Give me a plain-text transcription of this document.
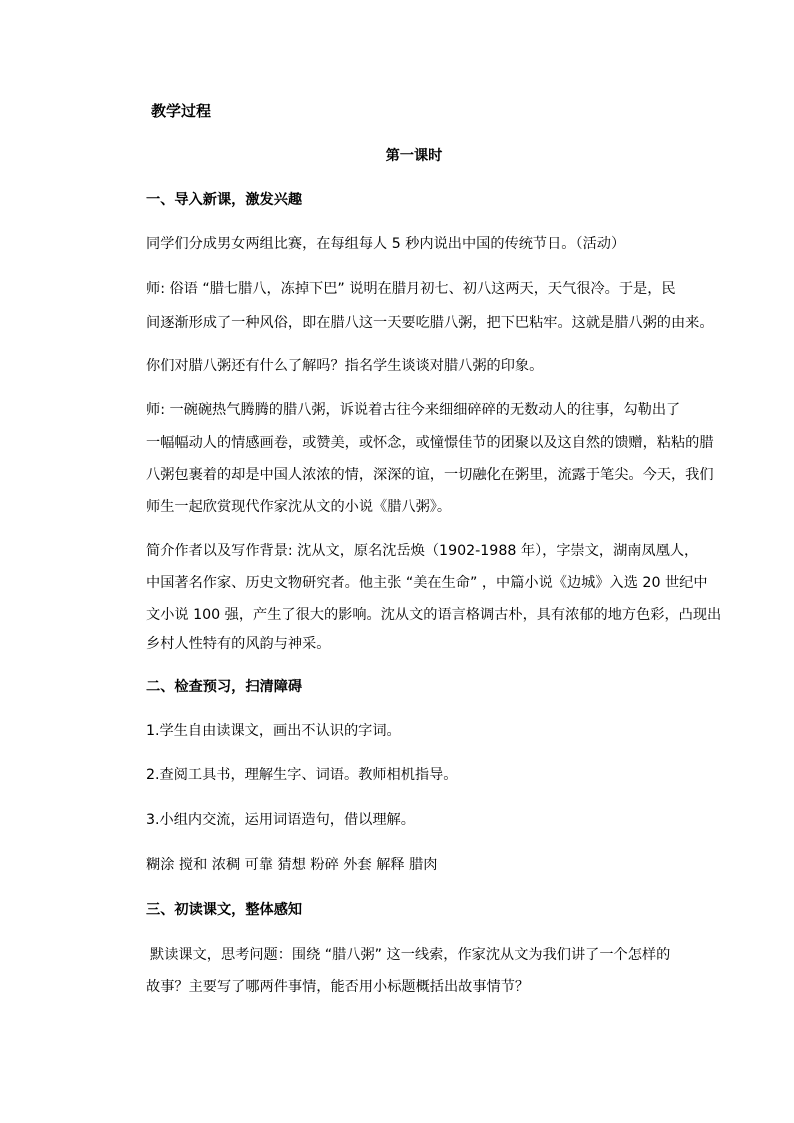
教学过程
第一课时
一、导入新课，激发兴趣
同学们分成男女两组比赛，在每组每人 5 秒内说出中国的传统节日。（活动）
师: 俗语 “腊七腊八，冻掉下巴” 说明在腊月初七、初八这两天，天气很冷。于是，民
间逐渐形成了一种风俗，即在腊八这一天要吃腊八粥，把下巴粘牢。这就是腊八粥的由来。
你们对腊八粥还有什么了解吗？指名学生谈谈对腊八粥的印象。
师: 一碗碗热气腾腾的腊八粥，诉说着古往今来细细碎碎的无数动人的往事，勾勒出了
一幅幅动人的情感画卷，或赞美，或怀念，或憧憬佳节的团聚以及这自然的馈赠，粘粘的腊
八粥包裹着的却是中国人浓浓的情，深深的谊，一切融化在粥里，流露于笔尖。今天，我们
师生一起欣赏现代作家沈从文的小说《腊八粥》。
简介作者以及写作背景: 沈从文，原名沈岳焕（1902-1988 年），字崇文，湖南凤凰人，
中国著名作家、历史文物研究者。他主张 “美在生命” ，中篇小说《边城》入选 20 世纪中
文小说 100 强，产生了很大的影响。沈从文的语言格调古朴，具有浓郁的地方色彩，凸现出
乡村人性特有的风韵与神采。
二、检查预习，扫清障碍
1.学生自由读课文，画出不认识的字词。
2.查阅工具书，理解生字、词语。教师相机指导。
3.小组内交流，运用词语造句，借以理解。
糊涂 搅和 浓稠 可靠 猜想 粉碎 外套 解释 腊肉
三、初读课文，整体感知
默读课文，思考问题：围绕 “腊八粥” 这一线索，作家沈从文为我们讲了一个怎样的
故事？主要写了哪两件事情，能否用小标题概括出故事情节？
